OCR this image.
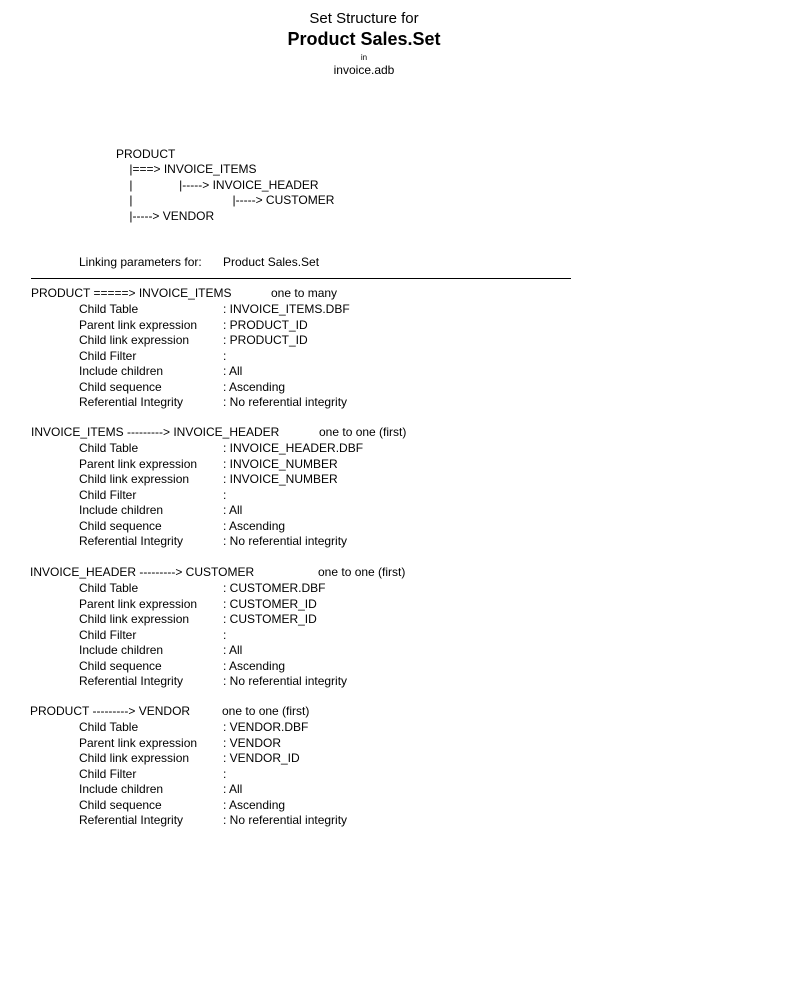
Set Structure for
Product Sales.Set
in
invoice.adb
PRODUCT
|===> INVOICE_ITEMS
|              |-----> INVOICE_HEADER
|                              |-----> CUSTOMER
|-----> VENDOR
Linking parameters for: Product Sales.Set
PRODUCT =====> INVOICE_ITEMS	one to many
Child Table	: INVOICE_ITEMS.DBF
Parent link expression : PRODUCT_ID
Child link expression	: PRODUCT_ID
Child Filter	:
Include children	: All
Child sequence	: Ascending
Referential Integrity	: No referential integrity
INVOICE_ITEMS ---------> INVOICE_HEADER	one to one (first)
Child Table	: INVOICE_HEADER.DBF
Parent link expression : INVOICE_NUMBER
Child link expression	: INVOICE_NUMBER
Child Filter	:
Include children	: All
Child sequence	: Ascending
Referential Integrity	: No referential integrity
INVOICE_HEADER ---------> CUSTOMER	one to one (first)
Child Table	: CUSTOMER.DBF
Parent link expression : CUSTOMER_ID
Child link expression	: CUSTOMER_ID
Child Filter	:
Include children	: All
Child sequence	: Ascending
Referential Integrity	: No referential integrity
PRODUCT ---------> VENDOR	one to one (first)
Child Table	: VENDOR.DBF
Parent link expression : VENDOR
Child link expression	: VENDOR_ID
Child Filter	:
Include children	: All
Child sequence	: Ascending
Referential Integrity	: No referential integrity
